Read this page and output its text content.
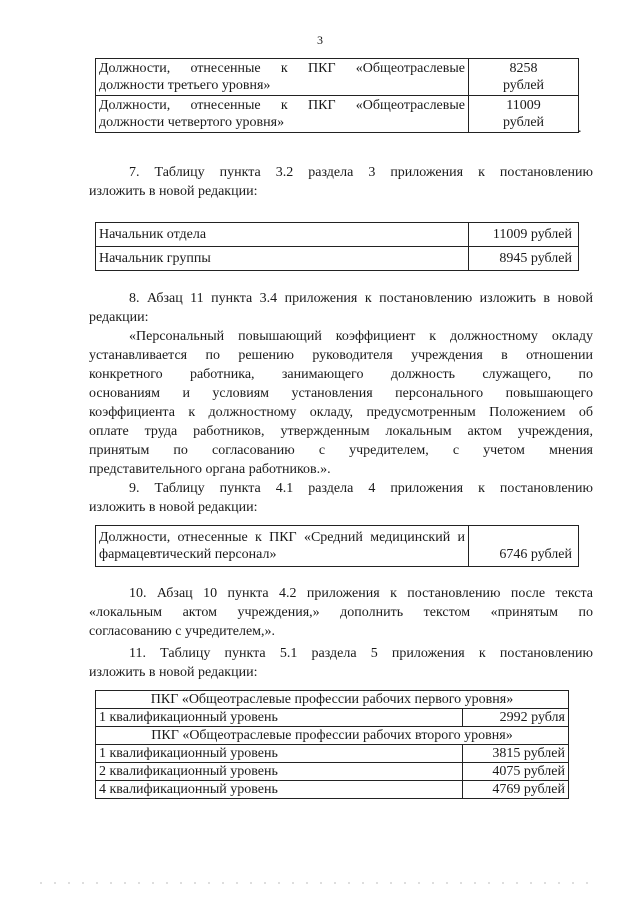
3
Должности, отнесенные к ПКГ «Общеотраслевые должности третьего уровня»	8258
рублей

Должности, отнесенные к ПКГ «Общеотраслевые должности четвертого уровня»	11009
рублей	.
7. Таблицу пункта 3.2 раздела 3 приложения к постановлению
изложить в новой редакции:
Начальник отдела	11009 рублей
Начальник группы	8945 рублей
8. Абзац 11 пункта 3.4 приложения к постановлению изложить в новой
редакции:
«Персональный повышающий коэффициент к должностному окладу
устанавливается по решению руководителя учреждения в отношении
конкретного работника, занимающего должность служащего, по
основаниям и условиям установления персонального повышающего
коэффициента к должностному окладу, предусмотренным Положением об
оплате труда работников, утвержденным локальным актом учреждения,
принятым по согласованию с учредителем, с учетом мнения
представительного органа работников.».
9. Таблицу пункта 4.1 раздела 4 приложения к постановлению
изложить в новой редакции:
Должности, отнесенные к ПКГ «Средний медицинский и фармацевтический персонал»	6746 рублей
10. Абзац 10 пункта 4.2 приложения к постановлению после текста
«локальным актом учреждения,» дополнить текстом «принятым по
согласованию с учредителем,».
11. Таблицу пункта 5.1 раздела 5 приложения к постановлению
изложить в новой редакции:
ПКГ «Общеотраслевые профессии рабочих первого уровня»	
1 квалификационный уровень	2992 рубля
ПКГ «Общеотраслевые профессии рабочих второго уровня»	
1 квалификационный уровень	3815 рублей
2 квалификационный уровень	4075 рублей
4 квалификационный уровень	4769 рублей
